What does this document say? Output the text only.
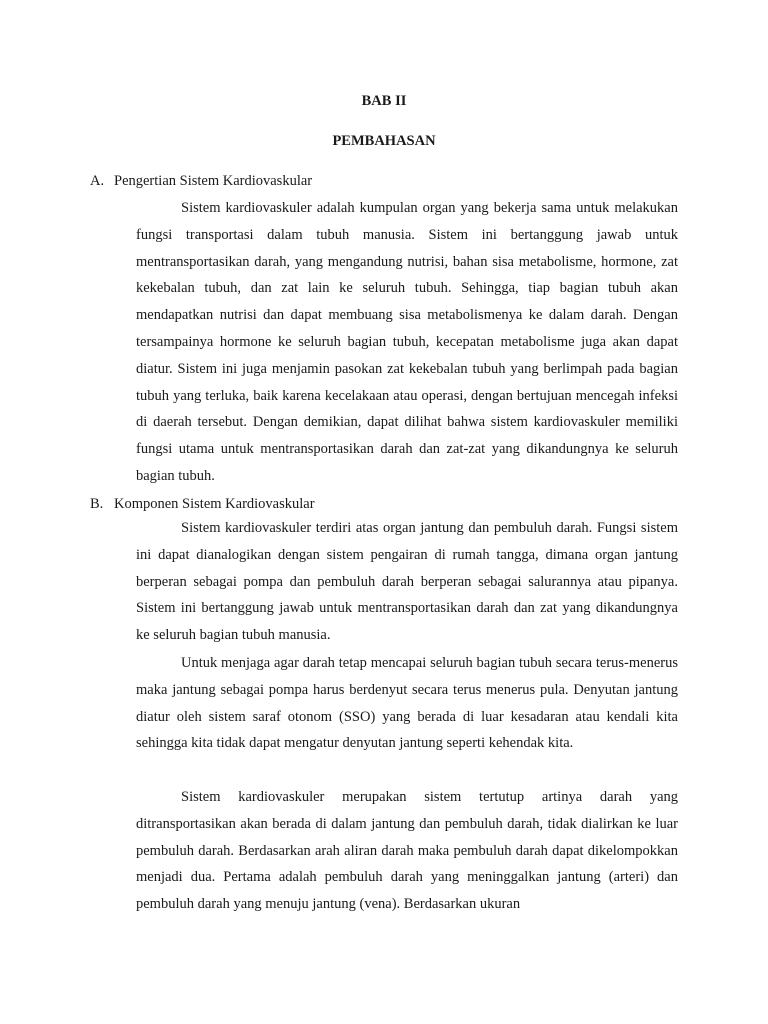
BAB II
PEMBAHASAN
A. Pengertian Sistem Kardiovaskular

Sistem kardiovaskuler adalah kumpulan organ yang bekerja sama untuk melakukan fungsi transportasi dalam tubuh manusia. Sistem ini bertanggung jawab untuk mentransportasikan darah, yang mengandung nutrisi, bahan sisa metabolisme, hormone, zat kekebalan tubuh, dan zat lain ke seluruh tubuh. Sehingga, tiap bagian tubuh akan mendapatkan nutrisi dan dapat membuang sisa metabolismenya ke dalam darah. Dengan tersampainya hormone ke seluruh bagian tubuh, kecepatan metabolisme juga akan dapat diatur. Sistem ini juga menjamin pasokan zat kekebalan tubuh yang berlimpah pada bagian tubuh yang terluka, baik karena kecelakaan atau operasi, dengan bertujuan mencegah infeksi di daerah tersebut. Dengan demikian, dapat dilihat bahwa sistem kardiovaskuler memiliki fungsi utama untuk mentransportasikan darah dan zat-zat yang dikandungnya ke seluruh bagian tubuh.

B. Komponen Sistem Kardiovaskular

Sistem kardiovaskuler terdiri atas organ jantung dan pembuluh darah. Fungsi sistem ini dapat dianalogikan dengan sistem pengairan di rumah tangga, dimana organ jantung berperan sebagai pompa dan pembuluh darah berperan sebagai salurannya atau pipanya. Sistem ini bertanggung jawab untuk mentransportasikan darah dan zat yang dikandungnya ke seluruh bagian tubuh manusia.

Untuk menjaga agar darah tetap mencapai seluruh bagian tubuh secara terus-menerus maka jantung sebagai pompa harus berdenyut secara terus menerus pula. Denyutan jantung diatur oleh sistem saraf otonom (SSO) yang berada di luar kesadaran atau kendali kita sehingga kita tidak dapat mengatur denyutan jantung seperti kehendak kita.

Sistem kardiovaskuler merupakan sistem tertutup artinya darah yang ditransportasikan akan berada di dalam jantung dan pembuluh darah, tidak dialirkan ke luar pembuluh darah. Berdasarkan arah aliran darah maka pembuluh darah dapat dikelompokkan menjadi dua. Pertama adalah pembuluh darah yang meninggalkan jantung (arteri) dan pembuluh darah yang menuju jantung (vena). Berdasarkan ukuran
